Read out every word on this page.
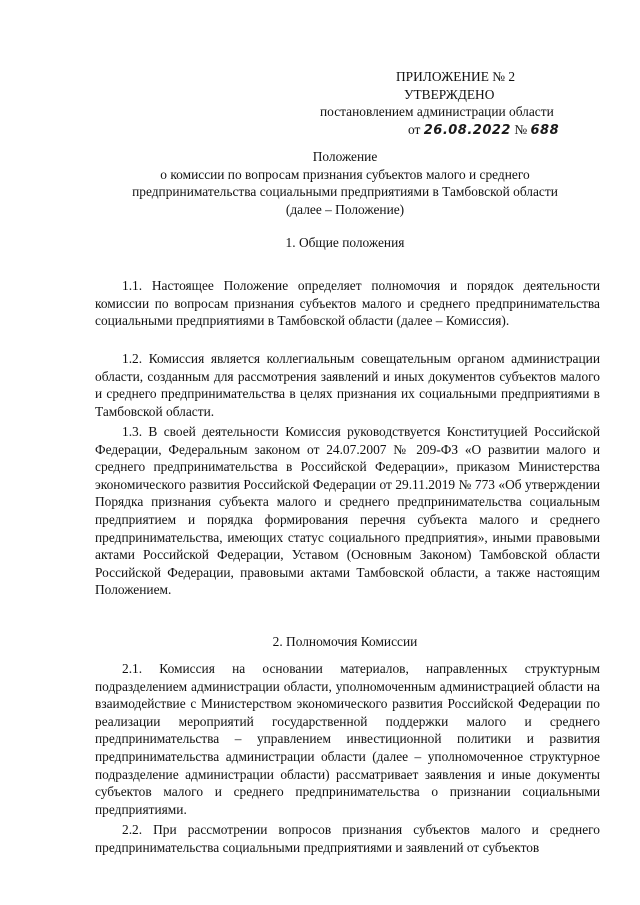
ПРИЛОЖЕНИЕ № 2
УТВЕРЖДЕНО
постановлением администрации области
от 26.08.2022 № 688
Положение
о комиссии по вопросам признания субъектов малого и среднего
предпринимательства социальными предприятиями в Тамбовской области
(далее – Положение)
1. Общие положения
1.1. Настоящее Положение определяет полномочия и порядок деятельности комиссии по вопросам признания субъектов малого и среднего предпринимательства социальными предприятиями в Тамбовской области (далее – Комиссия).
1.2. Комиссия является коллегиальным совещательным органом администрации области, созданным для рассмотрения заявлений и иных документов субъектов малого и среднего предпринимательства в целях признания их социальными предприятиями в Тамбовской области.
1.3. В своей деятельности Комиссия руководствуется Конституцией Российской Федерации, Федеральным законом от 24.07.2007 № 209-ФЗ «О развитии малого и среднего предпринимательства в Российской Федерации», приказом Министерства экономического развития Российской Федерации от 29.11.2019 № 773 «Об утверждении Порядка признания субъекта малого и среднего предпринимательства социальным предприятием и порядка формирования перечня субъекта малого и среднего предпринимательства, имеющих статус социального предприятия», иными правовыми актами Российской Федерации, Уставом (Основным Законом) Тамбовской области Российской Федерации, правовыми актами Тамбовской области, а также настоящим Положением.
2. Полномочия Комиссии
2.1. Комиссия на основании материалов, направленных структурным подразделением администрации области, уполномоченным администрацией области на взаимодействие с Министерством экономического развития Российской Федерации по реализации мероприятий государственной поддержки малого и среднего предпринимательства – управлением инвестиционной политики и развития предпринимательства администрации области (далее – уполномоченное структурное подразделение администрации области) рассматривает заявления и иные документы субъектов малого и среднего предпринимательства о признании социальными предприятиями.
2.2. При рассмотрении вопросов признания субъектов малого и среднего предпринимательства социальными предприятиями и заявлений от субъектов
